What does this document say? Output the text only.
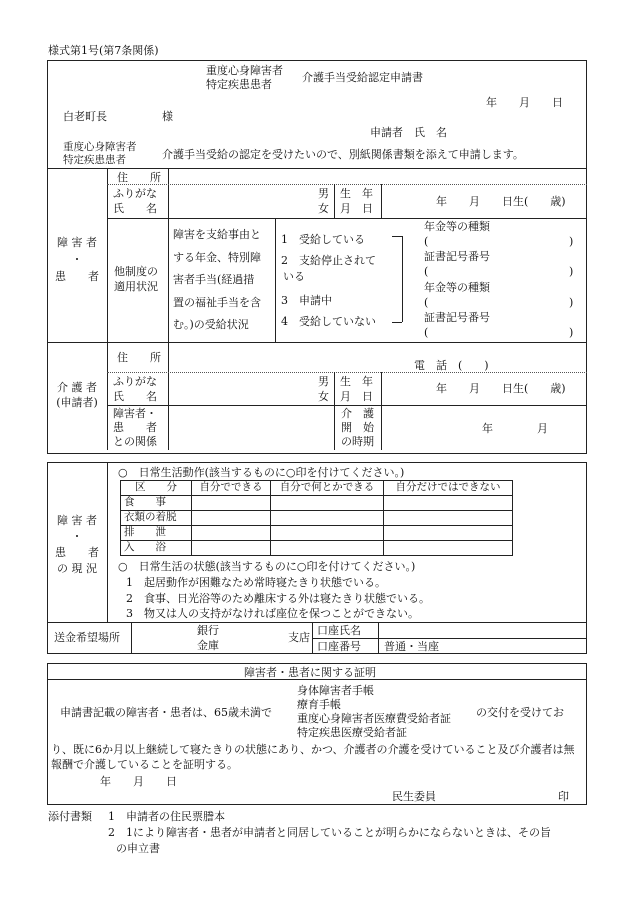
様式第1号(第7条関係)
重度心身障害者
特定疾患患者
介護手当受給認定申請書
年　　月　　日
白老町長　　　　　様
申請者　氏　名
重度心身障害者
特定疾患患者	介護手当受給の認定を受けたいので、別紙関係書類を添えて申請します。
障 害 者
・
患　　者
住　　所
ふりがな
氏　　名
男
女
生　年
月　日
年　　月　　日生(　　歳)
他制度の
適用状況
障害を支給事由と
する年金、特別障
害者手当(経過措
置の福祉手当を含
む。)の受給状況
1　受給している
2　支給停止されて
いる
3　申請中
4　受給していない
年金等の種類
(	)
証書記号番号
(	)
年金等の種類
(	)
証書記号番号
(	)
介 護 者
(申請者)
住　　所
電　話　(　　)
ふりがな
氏　　名
男
女
生　年
月　日
年　　月　　日生(　　歳)
障害者・
患　　者
との関係
介　護
開　始
の時期
年　　　　月
障 害 者
・
患　　者
の 現 況
○　日常生活動作(該当するものに○印を付けてください。)
区　　分	自分でできる	自分で何とかできる	自分だけではできない
食　　事			
衣類の着脱			
排　　泄			
入　　浴			
○　日常生活の状態(該当するものに○印を付けてください。)
1　起居動作が困難なため常時寝たきり状態でいる。
2　食事、日光浴等のため離床する外は寝たきり状態でいる。
3　物又は人の支持がなければ座位を保つことができない。
送金希望場所
銀行
金庫
支店
口座氏名
口座番号 普通・当座
障害者・患者に関する証明
申請書記載の障害者・患者は、65歳未満で
身体障害者手帳
療育手帳
重度心身障害者医療費受給者証
特定疾患医療受給者証
の交付を受けてお
り、既に6か月以上継続して寝たきりの状態にあり、かつ、介護者の介護を受けていること及び介護者は無報酬で介護していることを証明する。
年　　月　　日
民生委員	印
添付書類 1　申請者の住民票謄本
2　1により障害者・患者が申請者と同居していることが明らかにならないときは、その旨
の申立書
